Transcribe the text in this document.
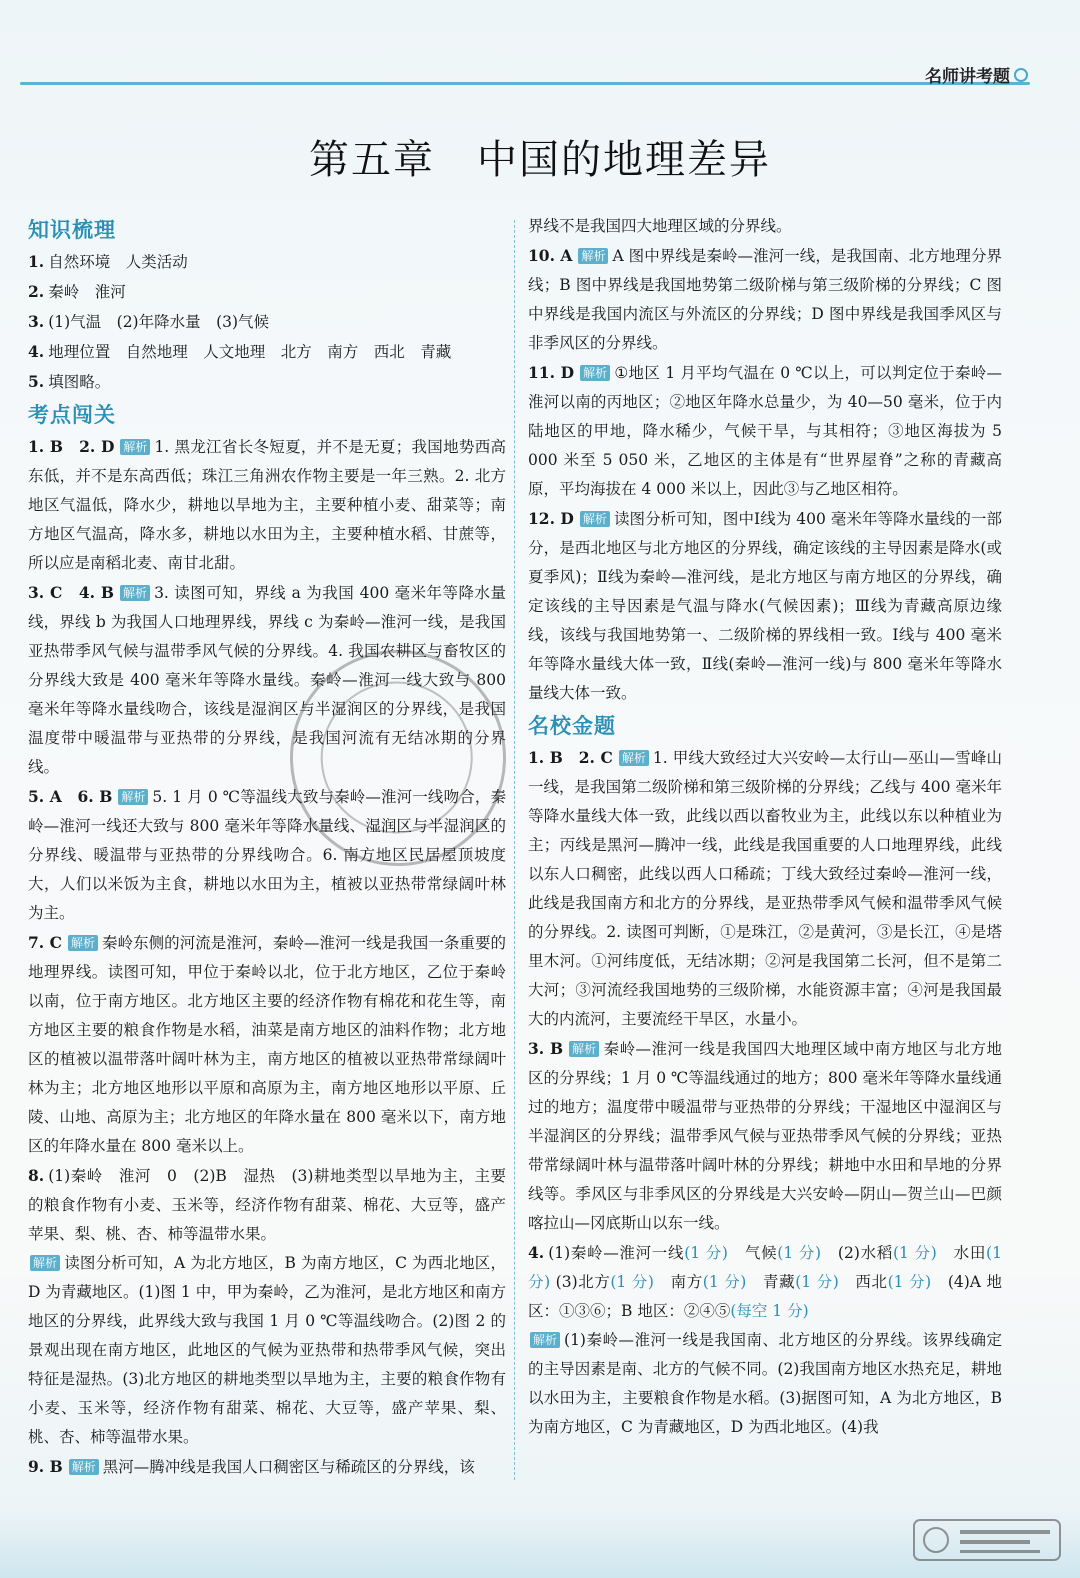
名师讲考题
第五章　中国的地理差异
知识梳理

1. 自然环境　人类活动

2. 秦岭　淮河

3. (1)气温　(2)年降水量　(3)气候

4. 地理位置　自然地理　人文地理　北方　南方　西北　青藏

5. 填图略。

考点闯关

1. B　2. D 解析 1. 黑龙江省长冬短夏，并不是无夏；我国地势西高东低，并不是东高西低；珠江三角洲农作物主要是一年三熟。2. 北方地区气温低，降水少，耕地以旱地为主，主要种植小麦、甜菜等；南方地区气温高，降水多，耕地以水田为主，主要种植水稻、甘蔗等，所以应是南稻北麦、南甘北甜。

3. C　4. B 解析 3. 读图可知，界线 a 为我国 400 毫米年等降水量线，界线 b 为我国人口地理界线，界线 c 为秦岭—淮河一线，是我国亚热带季风气候与温带季风气候的分界线。4. 我国农耕区与畜牧区的分界线大致是 400 毫米年等降水量线。秦岭—淮河一线大致与 800 毫米年等降水量线吻合，该线是湿润区与半湿润区的分界线，是我国温度带中暖温带与亚热带的分界线，是我国河流有无结冰期的分界线。

5. A　6. B 解析 5. 1 月 0 ℃等温线大致与秦岭—淮河一线吻合，秦岭—淮河一线还大致与 800 毫米年等降水量线、湿润区与半湿润区的分界线、暖温带与亚热带的分界线吻合。6. 南方地区民居屋顶坡度大，人们以米饭为主食，耕地以水田为主，植被以亚热带常绿阔叶林为主。

7. C 解析 秦岭东侧的河流是淮河，秦岭—淮河一线是我国一条重要的地理界线。读图可知，甲位于秦岭以北，位于北方地区，乙位于秦岭以南，位于南方地区。北方地区主要的经济作物有棉花和花生等，南方地区主要的粮食作物是水稻，油菜是南方地区的油料作物；北方地区的植被以温带落叶阔叶林为主，南方地区的植被以亚热带常绿阔叶林为主；北方地区地形以平原和高原为主，南方地区地形以平原、丘陵、山地、高原为主；北方地区的年降水量在 800 毫米以下，南方地区的年降水量在 800 毫米以上。

8. (1)秦岭　淮河　0　(2)B　湿热　(3)耕地类型以旱地为主，主要的粮食作物有小麦、玉米等，经济作物有甜菜、棉花、大豆等，盛产苹果、梨、桃、杏、柿等温带水果。

解析 读图分析可知，A 为北方地区，B 为南方地区，C 为西北地区，D 为青藏地区。(1)图 1 中，甲为秦岭，乙为淮河，是北方地区和南方地区的分界线，此界线大致与我国 1 月 0 ℃等温线吻合。(2)图 2 的景观出现在南方地区，此地区的气候为亚热带和热带季风气候，突出特征是湿热。(3)北方地区的耕地类型以旱地为主，主要的粮食作物有小麦、玉米等，经济作物有甜菜、棉花、大豆等，盛产苹果、梨、桃、杏、柿等温带水果。

9. B 解析 黑河—腾冲线是我国人口稠密区与稀疏区的分界线，该

界线不是我国四大地理区域的分界线。

10. A 解析 A 图中界线是秦岭—淮河一线，是我国南、北方地理分界线；B 图中界线是我国地势第二级阶梯与第三级阶梯的分界线；C 图中界线是我国内流区与外流区的分界线；D 图中界线是我国季风区与非季风区的分界线。

11. D 解析 ①地区 1 月平均气温在 0 ℃以上，可以判定位于秦岭—淮河以南的丙地区；②地区年降水总量少，为 40—50 毫米，位于内陆地区的甲地，降水稀少，气候干旱，与其相符；③地区海拔为 5 000 米至 5 050 米，乙地区的主体是有“世界屋脊”之称的青藏高原，平均海拔在 4 000 米以上，因此③与乙地区相符。

12. D 解析 读图分析可知，图中Ⅰ线为 400 毫米年等降水量线的一部分，是西北地区与北方地区的分界线，确定该线的主导因素是降水(或夏季风)；Ⅱ线为秦岭—淮河线，是北方地区与南方地区的分界线，确定该线的主导因素是气温与降水(气候因素)；Ⅲ线为青藏高原边缘线，该线与我国地势第一、二级阶梯的界线相一致。Ⅰ线与 400 毫米年等降水量线大体一致，Ⅱ线(秦岭—淮河一线)与 800 毫米年等降水量线大体一致。

名校金题

1. B　2. C 解析 1. 甲线大致经过大兴安岭—太行山—巫山—雪峰山一线，是我国第二级阶梯和第三级阶梯的分界线；乙线与 400 毫米年等降水量线大体一致，此线以西以畜牧业为主，此线以东以种植业为主；丙线是黑河—腾冲一线，此线是我国重要的人口地理界线，此线以东人口稠密，此线以西人口稀疏；丁线大致经过秦岭—淮河一线，此线是我国南方和北方的分界线，是亚热带季风气候和温带季风气候的分界线。2. 读图可判断，①是珠江，②是黄河，③是长江，④是塔里木河。①河纬度低，无结冰期；②河是我国第二长河，但不是第二大河；③河流经我国地势的三级阶梯，水能资源丰富；④河是我国最大的内流河，主要流经干旱区，水量小。

3. B 解析 秦岭—淮河一线是我国四大地理区域中南方地区与北方地区的分界线；1 月 0 ℃等温线通过的地方；800 毫米年等降水量线通过的地方；温度带中暖温带与亚热带的分界线；干湿地区中湿润区与半湿润区的分界线；温带季风气候与亚热带季风气候的分界线；亚热带常绿阔叶林与温带落叶阔叶林的分界线；耕地中水田和旱地的分界线等。季风区与非季风区的分界线是大兴安岭—阴山—贺兰山—巴颜喀拉山—冈底斯山以东一线。

4. (1)秦岭—淮河一线(1 分)　气候(1 分)　(2)水稻(1 分)　水田(1 分) (3)北方(1 分)　南方(1 分)　青藏(1 分)　西北(1 分)　(4)A 地区：①③⑥；B 地区：②④⑤(每空 1 分)

解析 (1)秦岭—淮河一线是我国南、北方地区的分界线。该界线确定的主导因素是南、北方的气候不同。(2)我国南方地区水热充足，耕地以水田为主，主要粮食作物是水稻。(3)据图可知，A 为北方地区，B 为南方地区，C 为青藏地区，D 为西北地区。(4)我
